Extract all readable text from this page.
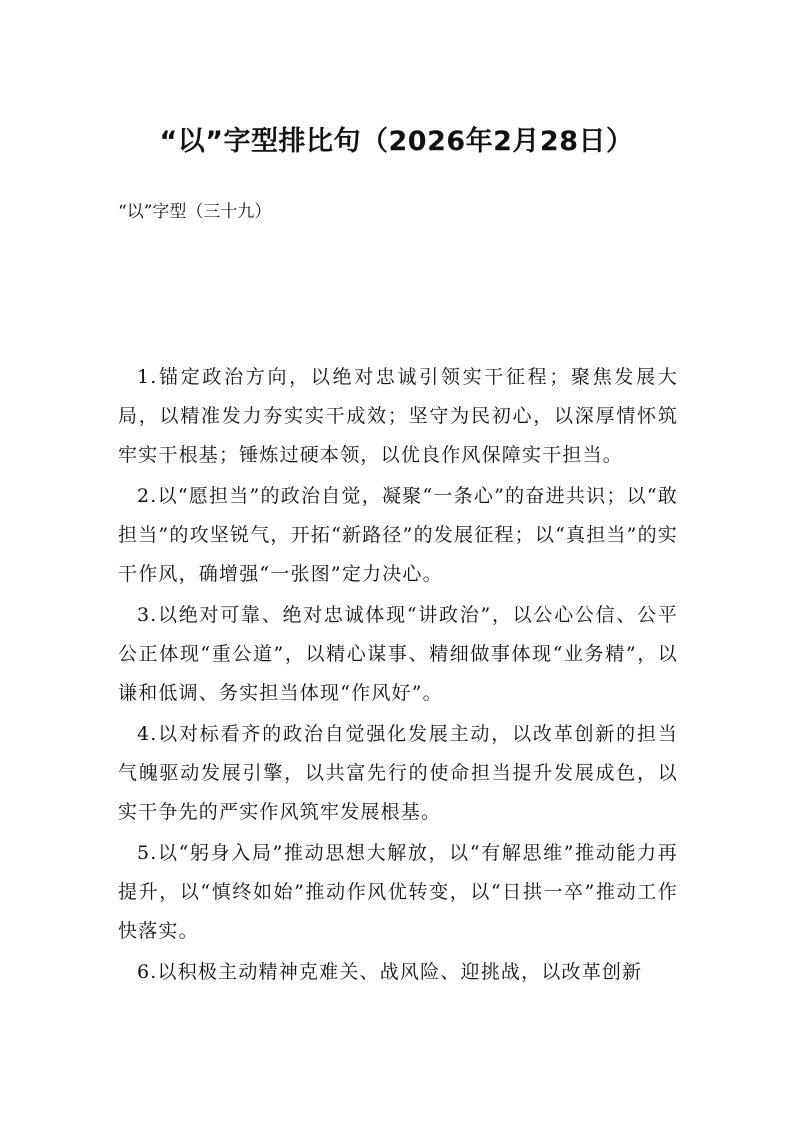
“以”字型排比句（2026年2月28日）

“以”字型（三十九）

1.锚定政治方向，以绝对忠诚引领实干征程；聚焦发展大局，以精准发力夯实实干成效；坚守为民初心，以深厚情怀筑牢实干根基；锤炼过硬本领，以优良作风保障实干担当。

2.以“愿担当”的政治自觉，凝聚“一条心”的奋进共识；以“敢担当”的攻坚锐气，开拓“新路径”的发展征程；以“真担当”的实干作风，确增强“一张图”定力决心。

3.以绝对可靠、绝对忠诚体现“讲政治”，以公心公信、公平公正体现“重公道”，以精心谋事、精细做事体现“业务精”，以谦和低调、务实担当体现“作风好”。

4.以对标看齐的政治自觉强化发展主动，以改革创新的担当气魄驱动发展引擎，以共富先行的使命担当提升发展成色，以实干争先的严实作风筑牢发展根基。

5.以“躬身入局”推动思想大解放，以“有解思维”推动能力再提升，以“慎终如始”推动作风优转变，以“日拱一卒”推动工作快落实。

6.以积极主动精神克难关、战风险、迎挑战，以改革创新
